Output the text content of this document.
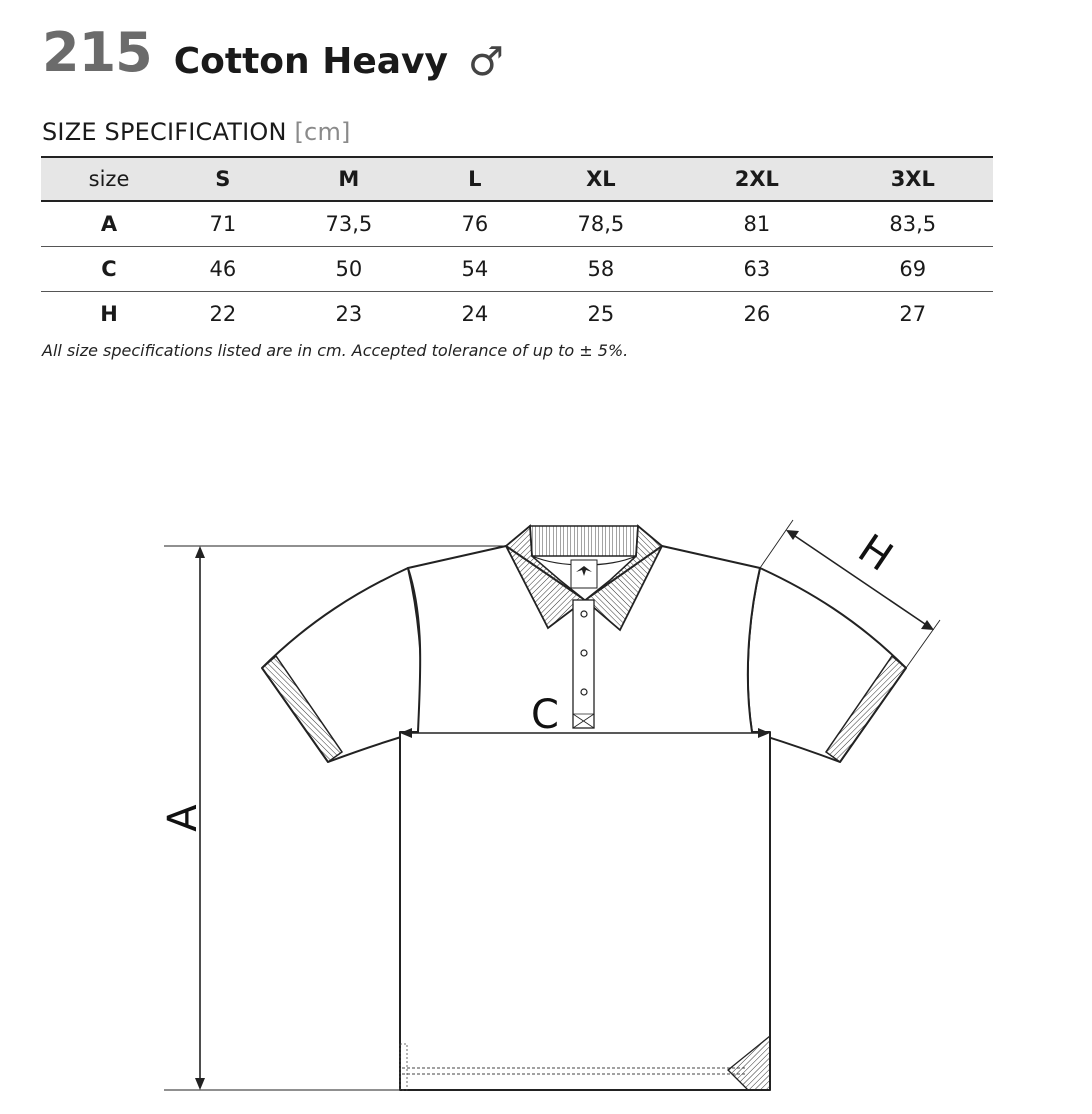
215 Cotton Heavy ♂
SIZE SPECIFICATION [cm]
size	S	M	L	XL	2XL	3XL
A	71	73,5	76	78,5	81	83,5
C	46	50	54	58	63	69
H	22	23	24	25	26	27
All size specifications listed are in cm. Accepted tolerance of up to ± 5%.
A
C
H
